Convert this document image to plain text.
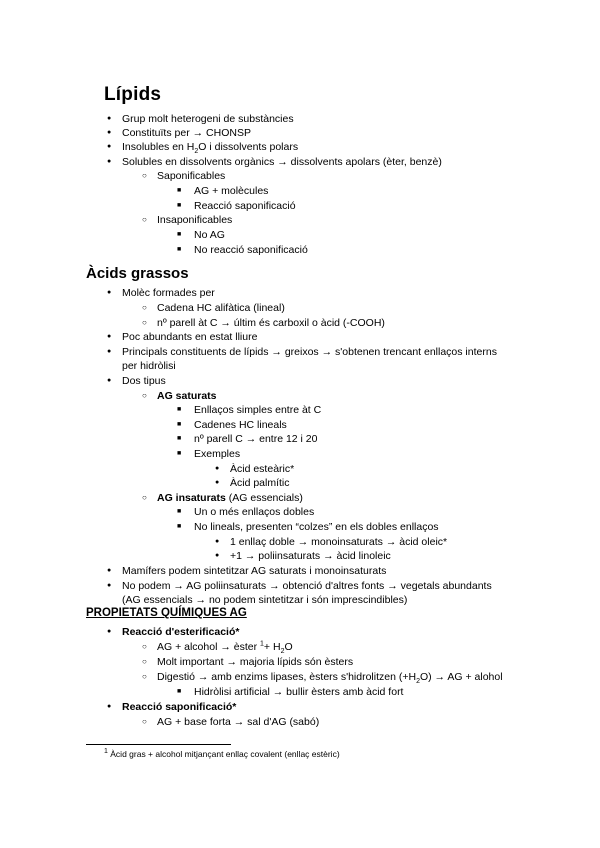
Lípids
●
Grup molt heterogeni de substàncies
●
Constituïts per → CHONSP
●
Insolubles en $H_2O$ i dissolvents polars
●
Solubles en dissolvents orgànics → dissolvents apolars (èter, benzè)
○
Saponificables
■
AG + molècules
■
Reacció saponificació
○
Insaponificables
■
No AG
■
No reacció saponificació
Àcids grassos
●
Molèc formades per
○
Cadena HC alifàtica (lineal)
○
nº parell àt C → últim és carboxil o àcid (-COOH)
●
Poc abundants en estat lliure
●
Principals constituents de lípids → greixos → s'obtenen trencant enllaços interns
per hidròlisi
●
Dos tipus
○
AG saturats
■
Enllaços simples entre àt C
■
Cadenes HC lineals
■
nº parell C → entre 12 i 20
■
Exemples
●
Àcid esteàric*
●
Àcid palmític
○
AG insaturats (AG essencials)
■
Un o més enllaços dobles
■
No lineals, presenten “colzes” en els dobles enllaços
●
1 enllaç doble → monoinsaturats → àcid oleic*
●
+1 → poliinsaturats → àcid linoleic
●
Mamífers podem sintetitzar AG saturats i monoinsaturats
●
No podem → AG poliinsaturats → obtenció d'altres fonts → vegetals abundants
(AG essencials → no podem sintetitzar i són imprescindibles)
PROPIETATS QUÍMIQUES AG
●
Reacció d'esterificació*
○
AG + alcohol → èster $^1+ H_2O$
○
Molt important → majoria lípids són èsters
○
Digestió → amb enzims lipases, èsters s'hidrolitzen $(+H_2O)$ → AG + alohol
■
Hidròlisi artificial → bullir èsters amb àcid fort
●
Reacció saponificació*
○
AG + base forta → sal d'AG (sabó)
$^1$ Àcid gras + alcohol mitjançant enllaç covalent (enllaç estèric)
